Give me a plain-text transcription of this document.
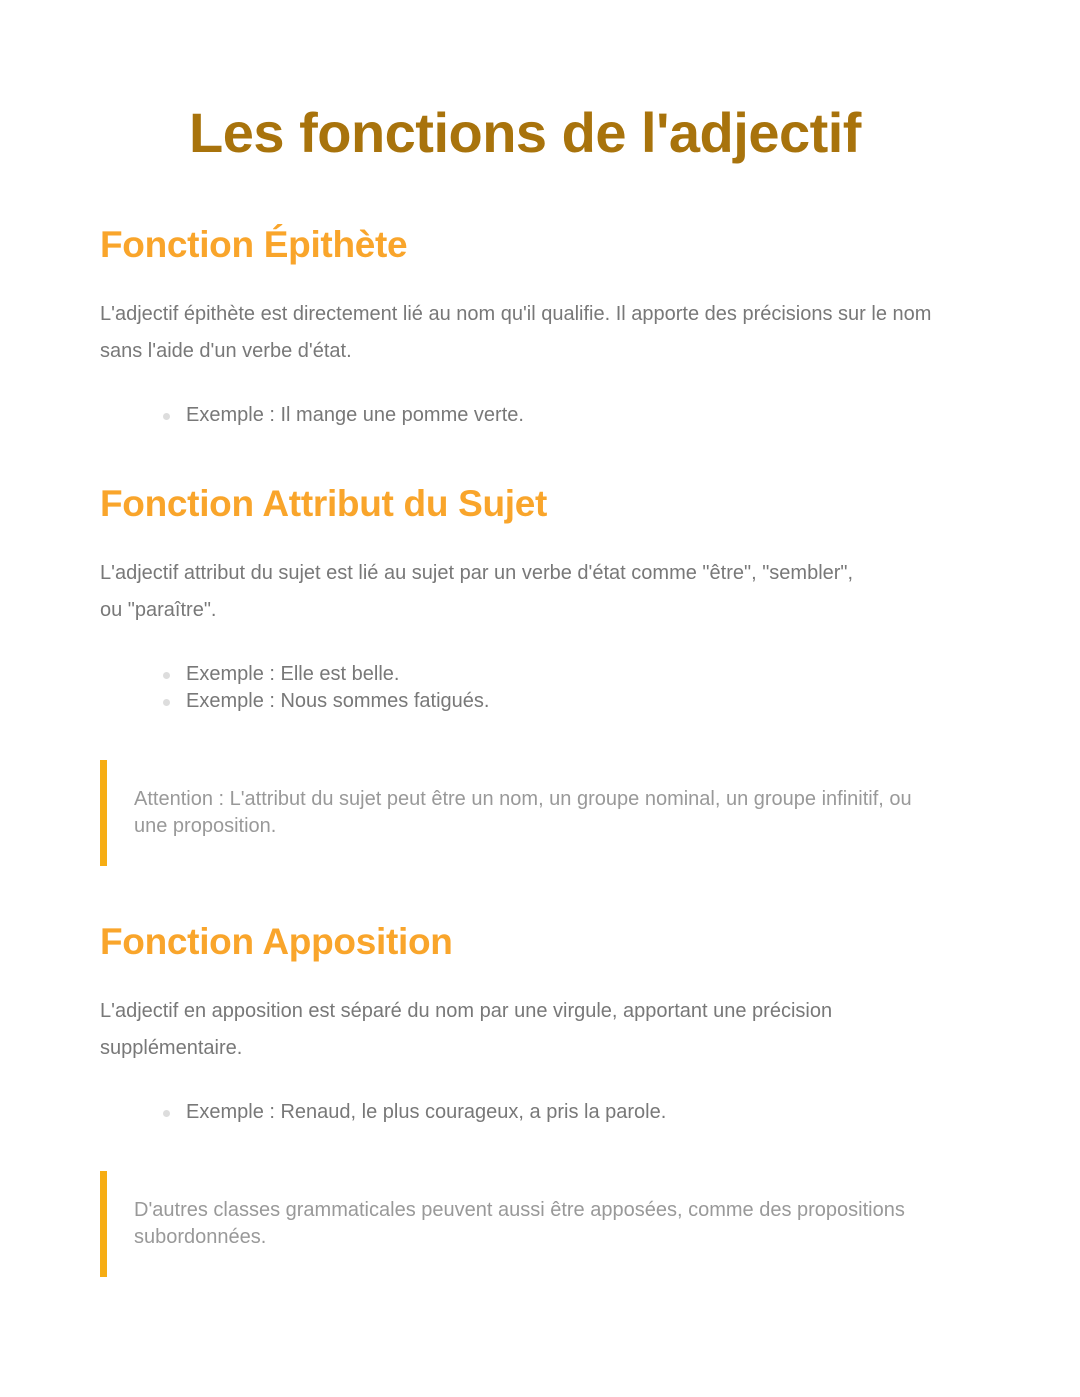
Les fonctions de l'adjectif
Fonction Épithète

L'adjectif épithète est directement lié au nom qu'il qualifie. Il apporte des précisions sur le nom sans l'aide d'un verbe d'état.

Exemple : Il mange une pomme verte.
Fonction Attribut du Sujet

L'adjectif attribut du sujet est lié au sujet par un verbe d'état comme "être", "sembler", ou "paraître".

Exemple : Elle est belle.
Exemple : Nous sommes fatigués.

Attention : L'attribut du sujet peut être un nom, un groupe nominal, un groupe infinitif, ou une proposition.

Fonction Apposition

L'adjectif en apposition est séparé du nom par une virgule, apportant une précision supplémentaire.

Exemple : Renaud, le plus courageux, a pris la parole.

D'autres classes grammaticales peuvent aussi être apposées, comme des propositions subordonnées.
